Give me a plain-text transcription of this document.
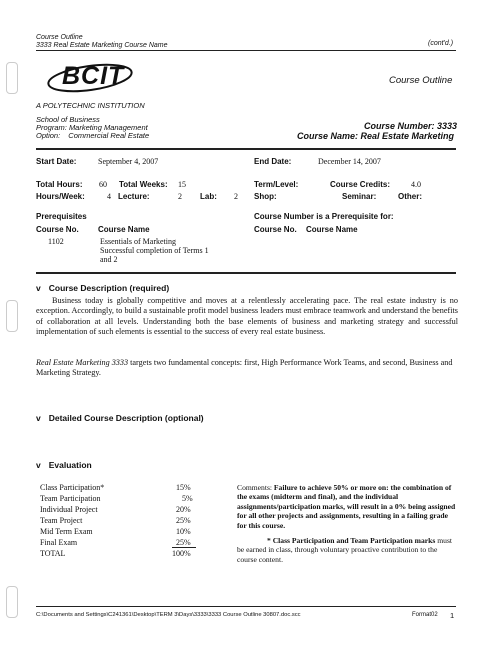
Course Outline
3333 Real Estate Marketing Course Name	(cont'd.)
BCIT
A POLYTECHNIC INSTITUTION
Course Outline
School of Business
Program: Marketing Management
Option: Commercial Real Estate
Course Number: 3333
Course Name: Real Estate Marketing
Start Date:	September 4, 2007	End Date:	December 14, 2007
Total Hours: 60 Total Weeks: 15	Term/Level:	Course Credits:	4.0
Hours/Week:	4 Lecture:	2 Lab: 2 Shop:	Seminar:	Other:
Prerequisites
Course No. Course Name
1102	Essentials of Marketing
Successful completion of Terms 1
and 2
Course Number is a Prerequisite for:
Course No. Course Name
v Course Description (required)
Business today is globally competitive and moves at a relentlessly accelerating pace. The real estate industry is no exception. Accordingly, to build a sustainable profit model business leaders must embrace teamwork and understand the benefits of collaboration at all levels. Understanding both the base elements of business and marketing strategy and successful implementation of such elements is essential to the success of every real estate business.
Real Estate Marketing 3333 targets two fundamental concepts: first, High Performance Work Teams, and second, Business and Marketing Strategy.
v Detailed Course Description (optional)
v Evaluation
Class Participation*	15%
Team Participation	5%
Individual Project	20%
Team Project	25%
Mid Term Exam	10%
Final Exam	25%
TOTAL	100%
Comments: Failure to achieve 50% or more on: the combination of the exams (midterm and final), and the individual assignments/participation marks, will result in a 0% being assigned for all other projects and assignments, resulting in a failing grade for this course.
* Class Participation and Team Participation marks must be earned in class, through voluntary proactive contribution to the course content.
C:\Documents and Settings\C241361\Desktop\TERM 3\Days\3333\3333 Course Outline 30807.doc.scc	Format02 1
